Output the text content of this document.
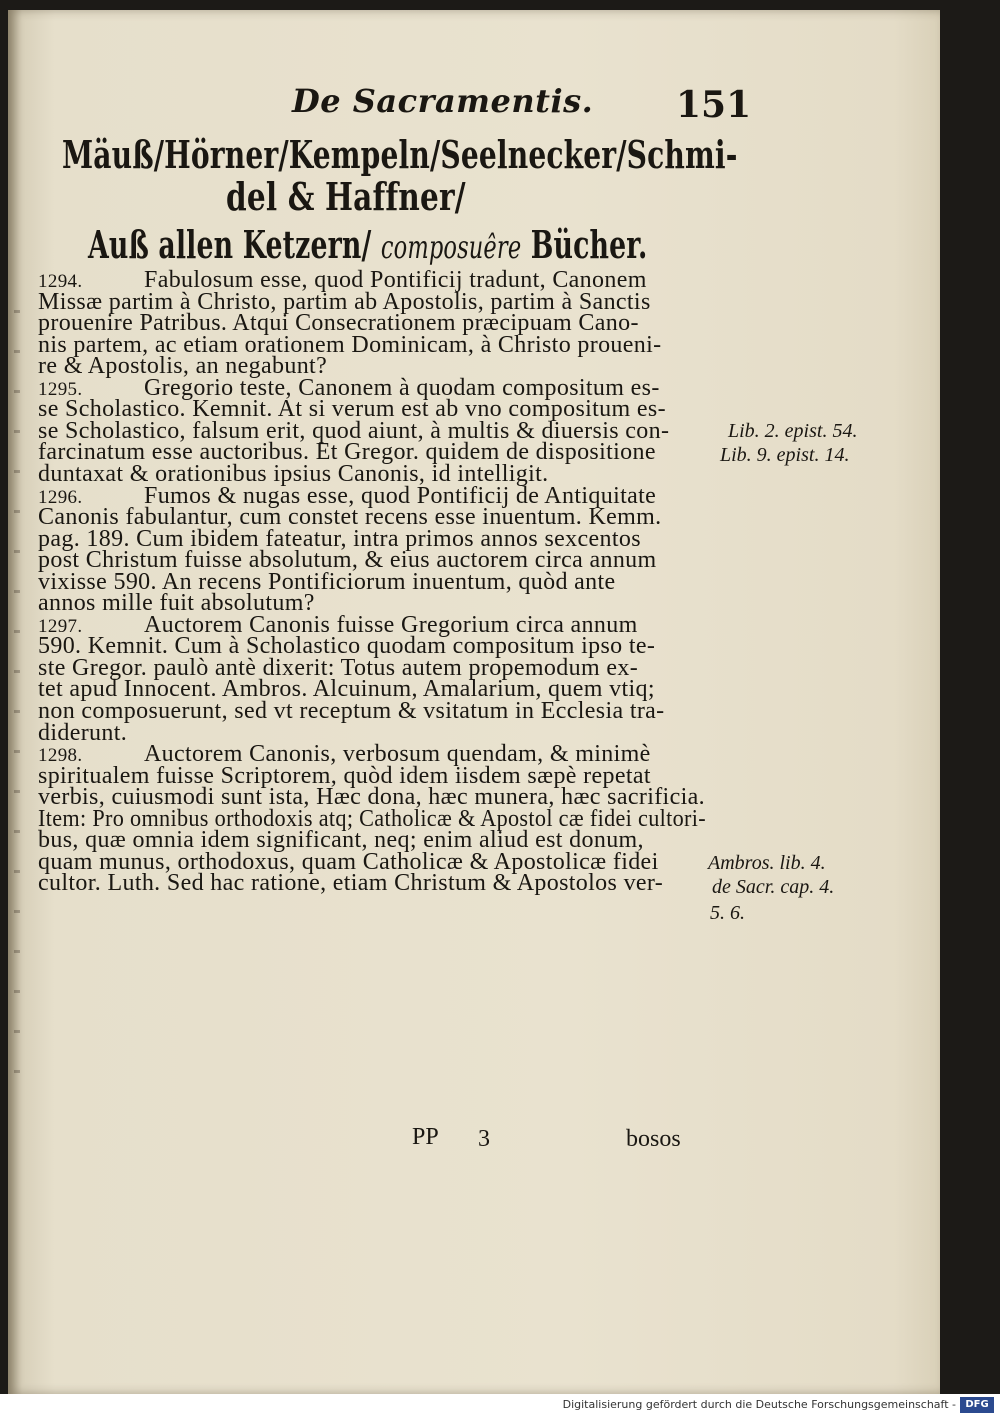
De Sacramentis. 151
Mäuß/Hörner/Kempeln/Seelnecker/Schmi-
del & Haffner/
Auß allen Ketzern/ composuêre Bücher.
1294.	Fabulosum esse, quod Pontificij tradunt, Canonem
Missæ partim à Christo, partim ab Apostolis, partim à Sanctis
prouenire Patribus. Atqui Consecrationem præcipuam Cano-
nis partem, ac etiam orationem Dominicam, à Christo proueni-
re & Apostolis, an negabunt?
1295.	Gregorio teste, Canonem à quodam compositum es-
se Scholastico. Kemnit. At si verum est ab vno compositum es-
se Scholastico, falsum erit, quod aiunt, à multis & diuersis con-
farcinatum esse auctoribus. Et Gregor. quidem de dispositione
duntaxat & orationibus ipsius Canonis, id intelligit.
1296.	Fumos & nugas esse, quod Pontificij de Antiquitate
Canonis fabulantur, cum constet recens esse inuentum. Kemm.
pag. 189. Cum ibidem fateatur, intra primos annos sexcentos
post Christum fuisse absolutum, & eius auctorem circa annum
vixisse 590. An recens Pontificiorum inuentum, quòd ante
annos mille fuit absolutum?
1297.	Auctorem Canonis fuisse Gregorium circa annum
590. Kemnit. Cum à Scholastico quodam compositum ipso te-
ste Gregor. paulò antè dixerit: Totus autem propemodum ex-
tet apud Innocent. Ambros. Alcuinum, Amalarium, quem vtiq;
non composuerunt, sed vt receptum & vsitatum in Ecclesia tra-
diderunt.
1298.	Auctorem Canonis, verbosum quendam, & minimè
spiritualem fuisse Scriptorem, quòd idem iisdem sæpè repetat
verbis, cuiusmodi sunt ista, Hæc dona, hæc munera, hæc sacrificia.
Item: Pro omnibus orthodoxis atq; Catholicæ & Apostol cæ fidei cultori-
bus, quæ omnia idem significant, neq; enim aliud est donum,
quam munus, orthodoxus, quam Catholicæ & Apostolicæ fidei
cultor. Luth. Sed hac ratione, etiam Christum & Apostolos ver-
Lib. 2. epist. 54.
Lib. 9. epist. 14.
Ambros. lib. 4.
de Sacr. cap. 4.
5. 6.
PP 3	bosos
Digitalisierung gefördert durch die Deutsche Forschungsgemeinschaft - DFG
